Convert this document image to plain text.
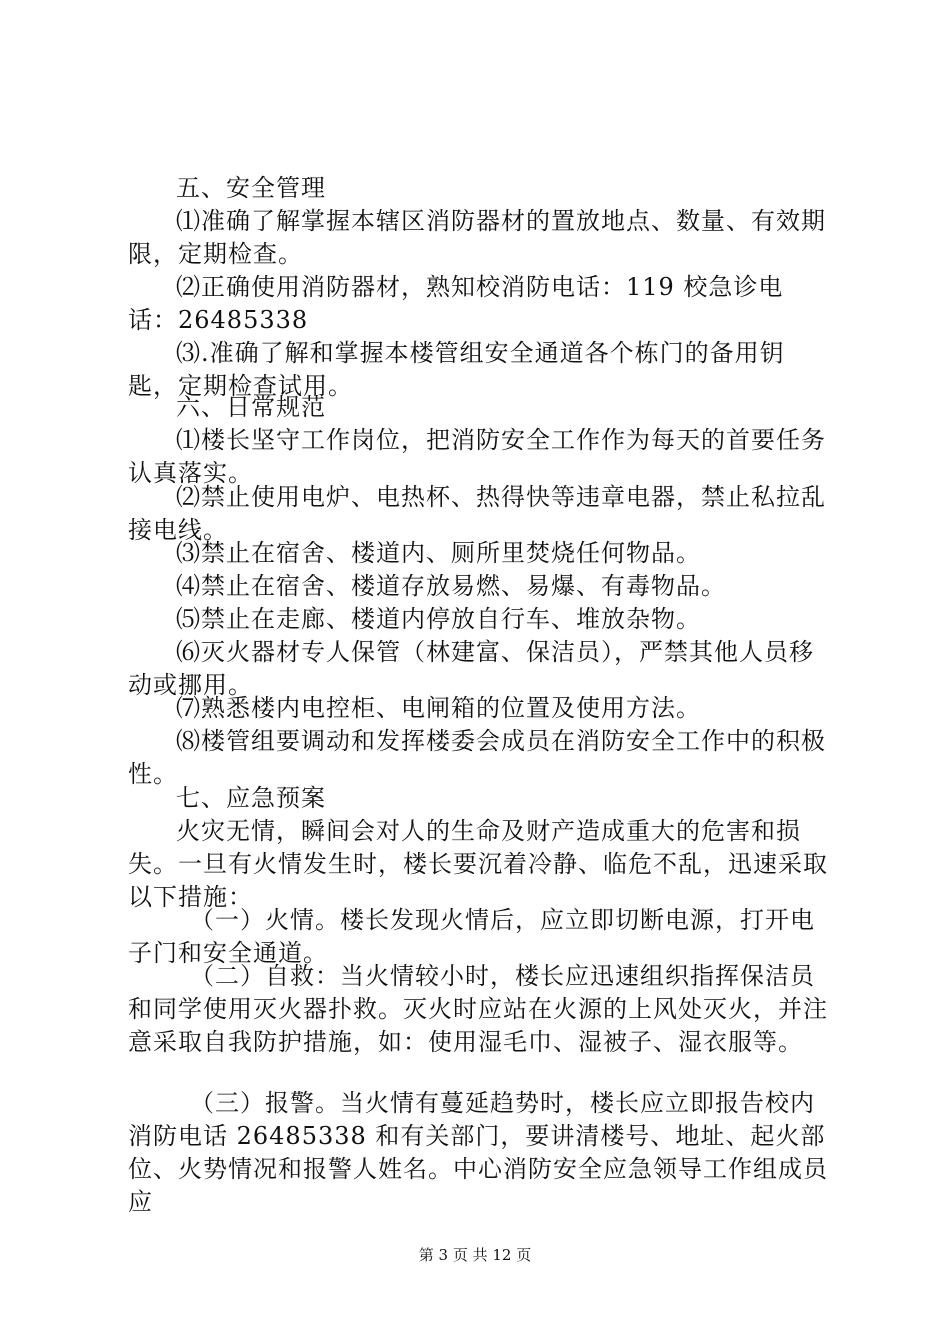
五、安全管理

⑴准确了解掌握本辖区消防器材的置放地点、数量、有效期限，定期检查。

⑵正确使用消防器材，熟知校消防电话：119 校急诊电话：26485338

⑶.准确了解和掌握本楼管组安全通道各个栋门的备用钥匙，定期检查试用。

六、日常规范

⑴楼长坚守工作岗位，把消防安全工作作为每天的首要任务认真落实。

⑵禁止使用电炉、电热杯、热得快等违章电器，禁止私拉乱接电线。

⑶禁止在宿舍、楼道内、厕所里焚烧任何物品。

⑷禁止在宿舍、楼道存放易燃、易爆、有毒物品。

⑸禁止在走廊、楼道内停放自行车、堆放杂物。

⑹灭火器材专人保管（林建富、保洁员），严禁其他人员移动或挪用。

⑺熟悉楼内电控柜、电闸箱的位置及使用方法。

⑻楼管组要调动和发挥楼委会成员在消防安全工作中的积极性。

七、应急预案

火灾无情，瞬间会对人的生命及财产造成重大的危害和损失。一旦有火情发生时，楼长要沉着冷静、临危不乱，迅速采取以下措施：

（一）火情。楼长发现火情后，应立即切断电源，打开电子门和安全通道。

（二）自救：当火情较小时，楼长应迅速组织指挥保洁员和同学使用灭火器扑救。灭火时应站在火源的上风处灭火，并注意采取自我防护措施，如：使用湿毛巾、湿被子、湿衣服等。

（三）报警。当火情有蔓延趋势时，楼长应立即报告校内消防电话 26485338 和有关部门，要讲清楼号、地址、起火部位、火势情况和报警人姓名。中心消防安全应急领导工作组成员应

第 3 页 共 12 页
